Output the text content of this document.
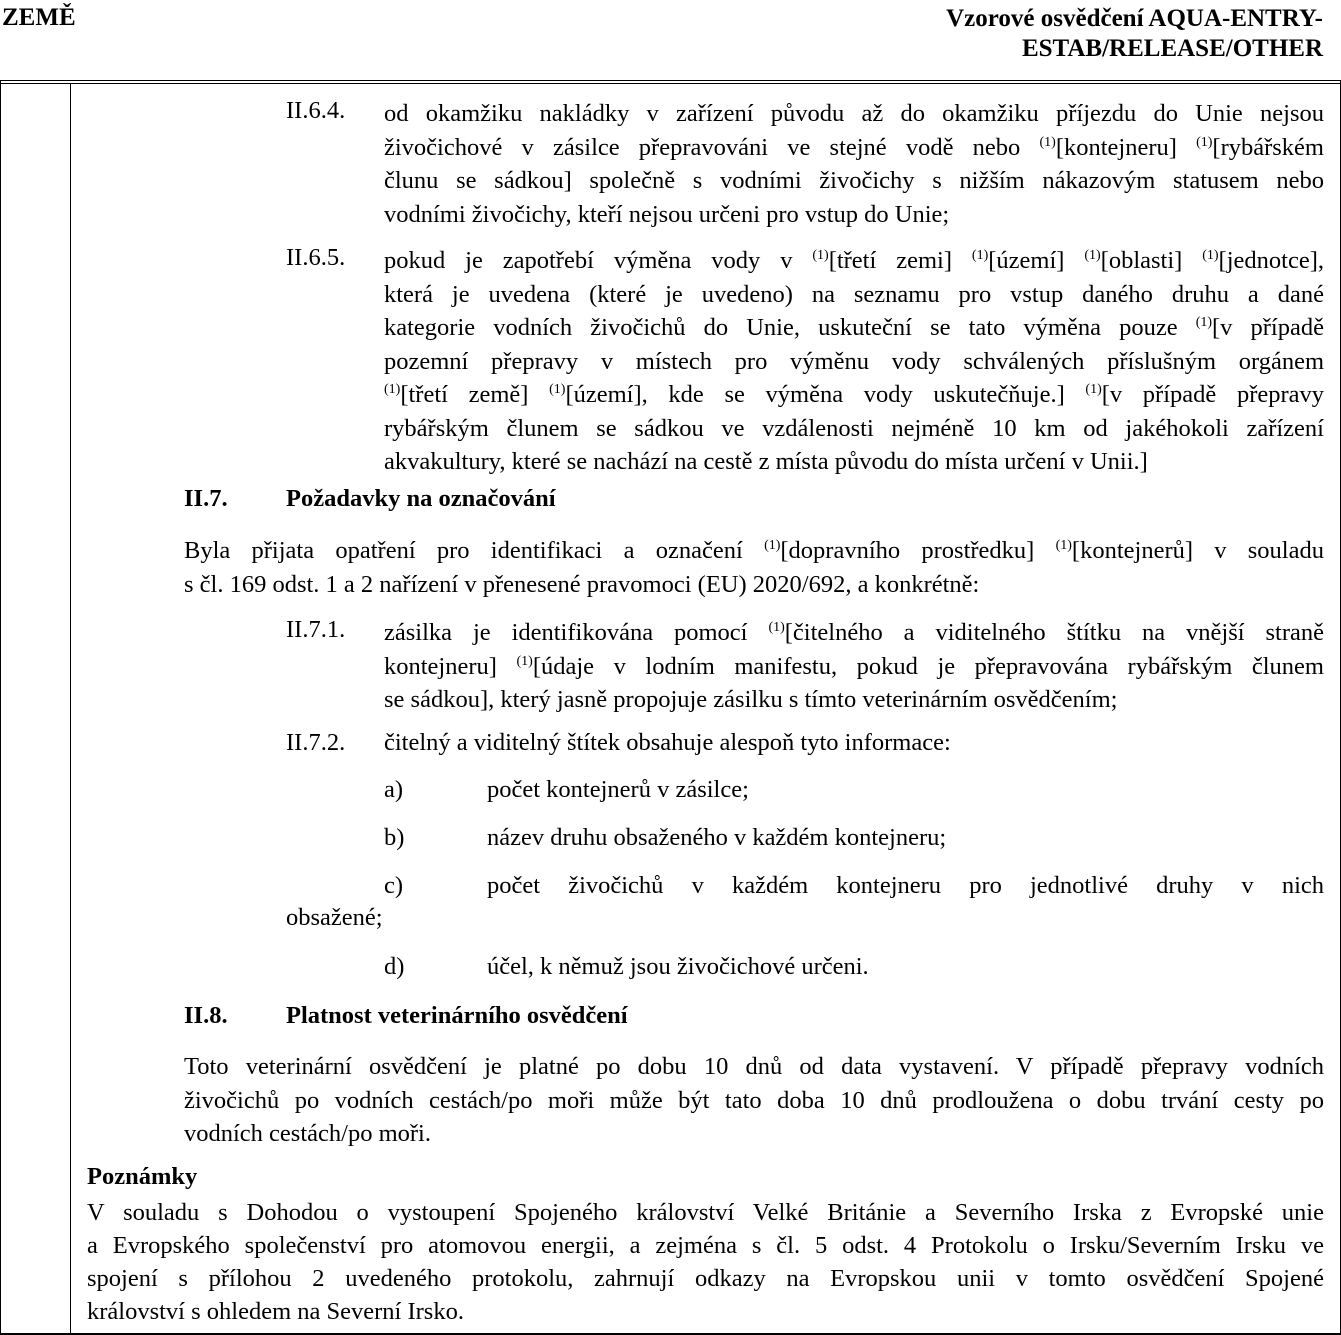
ZEMĚ	Vzorové osvědčení AQUA-ENTRY-
ESTAB/RELEASE/OTHER
II.6.4. od okamžiku nakládky v zařízení původu až do okamžiku příjezdu do Unie nejsou
živočichové v zásilce přepravováni ve stejné vodě nebo $^{(1)}$[kontejneru] $^{(1)}$[rybářském
člunu se sádkou] společně s vodními živočichy s nižším nákazovým statusem nebo
vodními živočichy, kteří nejsou určeni pro vstup do Unie;
II.6.5. pokud je zapotřebí výměna vody v $^{(1)}$[třetí zemi] $^{(1)}$[území] $^{(1)}$[oblasti] $^{(1)}$[jednotce],
která je uvedena (které je uvedeno) na seznamu pro vstup daného druhu a dané
kategorie vodních živočichů do Unie, uskuteční se tato výměna pouze $^{(1)}$[v případě
pozemní přepravy v místech pro výměnu vody schválených příslušným orgánem
$^{(1)}$[třetí země] $^{(1)}$[území], kde se výměna vody uskutečňuje.] $^{(1)}$[v případě přepravy
rybářským člunem se sádkou ve vzdálenosti nejméně 10 km od jakéhokoli zařízení
akvakultury, které se nachází na cestě z místa původu do místa určení v Unii.]
II.7. Požadavky na označování
Byla přijata opatření pro identifikaci a označení $^{(1)}$[dopravního prostředku] $^{(1)}$[kontejnerů] v souladu
s čl. 169 odst. 1 a 2 nařízení v přenesené pravomoci (EU) 2020/692, a konkrétně:
II.7.1. zásilka je identifikována pomocí $^{(1)}$[čitelného a viditelného štítku na vnější straně
kontejneru] $^{(1)}$[údaje v lodním manifestu, pokud je přepravována rybářským člunem
se sádkou], který jasně propojuje zásilku s tímto veterinárním osvědčením;
II.7.2. čitelný a viditelný štítek obsahuje alespoň tyto informace:
a)	počet kontejnerů v zásilce;
b)	název druhu obsaženého v každém kontejneru;
c)	počet živočichů v každém kontejneru pro jednotlivé druhy v nich
obsažené;
d)	účel, k němuž jsou živočichové určeni.
II.8. Platnost veterinárního osvědčení
Toto veterinární osvědčení je platné po dobu 10 dnů od data vystavení. V případě přepravy vodních
živočichů po vodních cestách/po moři může být tato doba 10 dnů prodloužena o dobu trvání cesty po
vodních cestách/po moři.
Poznámky
V souladu s Dohodou o vystoupení Spojeného království Velké Británie a Severního Irska z Evropské unie
a Evropského společenství pro atomovou energii, a zejména s čl. 5 odst. 4 Protokolu o Irsku/Severním Irsku ve
spojení s přílohou 2 uvedeného protokolu, zahrnují odkazy na Evropskou unii v tomto osvědčení Spojené
království s ohledem na Severní Irsko.
